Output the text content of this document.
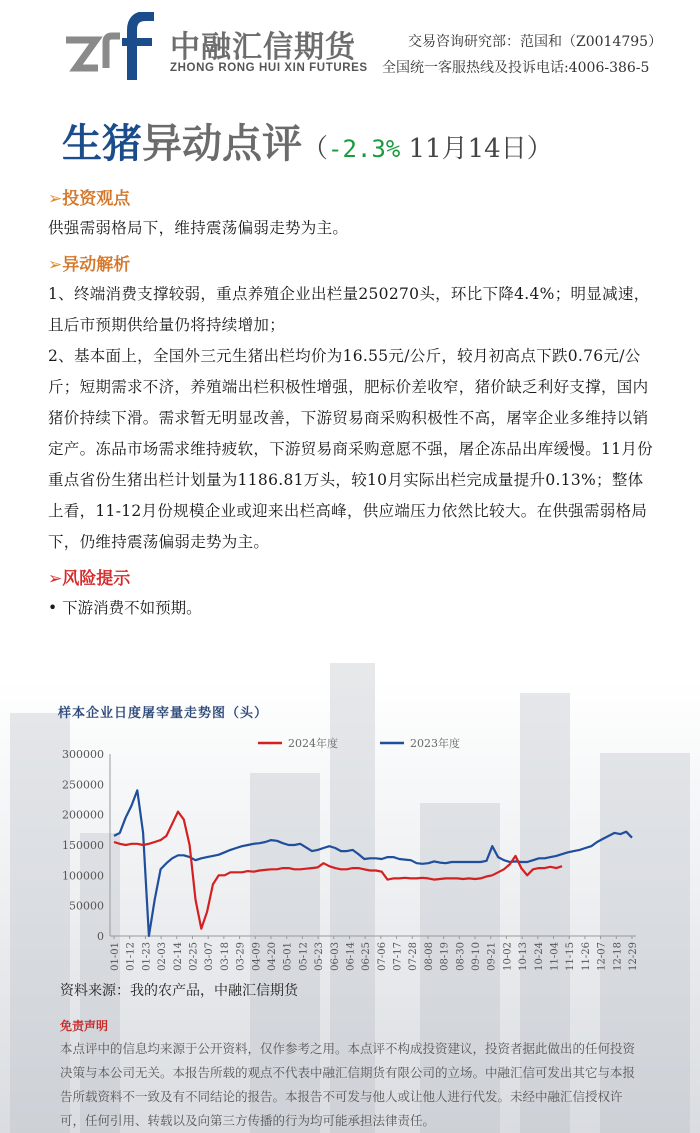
中融汇信期货
ZHONG RONG HUI XIN FUTURES
交易咨询研究部：范国和（Z0014795）
全国统一客服热线及投诉电话:4006-386-5
生猪异动点评（-2.3% 11月14日）
➢投资观点
供强需弱格局下，维持震荡偏弱走势为主。
➢异动解析
1、终端消费支撑较弱，重点养殖企业出栏量250270头，环比下降4.4%；明显减速，且后市预期供给量仍将持续增加；
2、基本面上，全国外三元生猪出栏均价为16.55元/公斤，较月初高点下跌0.76元/公斤；短期需求不济，养殖端出栏积极性增强，肥标价差收窄，猪价缺乏利好支撑，国内猪价持续下滑。需求暂无明显改善，下游贸易商采购积极性不高，屠宰企业多维持以销定产。冻品市场需求维持疲软，下游贸易商采购意愿不强，屠企冻品出库缓慢。11月份重点省份生猪出栏计划量为1186.81万头，较10月实际出栏完成量提升0.13%；整体上看，11-12月份规模企业或迎来出栏高峰，供应端压力依然比较大。在供强需弱格局下，仍维持震荡偏弱走势为主。
➢风险提示
• 下游消费不如预期。
样本企业日度屠宰量走势图（头）
300000
250000
200000
150000
100000
50000
0
01-01 01-12 01-23 02-03 02-14 02-25 03-07 03-18 03-29 04-09 04-20 05-01 05-12 05-23 06-03 06-14 06-25 07-06 07-17 07-28 08-08 08-19 08-30 09-10 09-21 10-02 10-13 10-24 11-04 11-15 11-26 12-07 12-18 12-29
2024年度	2023年度
资料来源：我的农产品，中融汇信期货
免责声明
本点评中的信息均来源于公开资料，仅作参考之用。本点评不构成投资建议，投资者据此做出的任何投资决策与本公司无关。本报告所载的观点不代表中融汇信期货有限公司的立场。中融汇信可发出其它与本报告所载资料不一致及有不同结论的报告。本报告不可发与他人或让他人进行代发。未经中融汇信授权许可，任何引用、转载以及向第三方传播的行为均可能承担法律责任。
